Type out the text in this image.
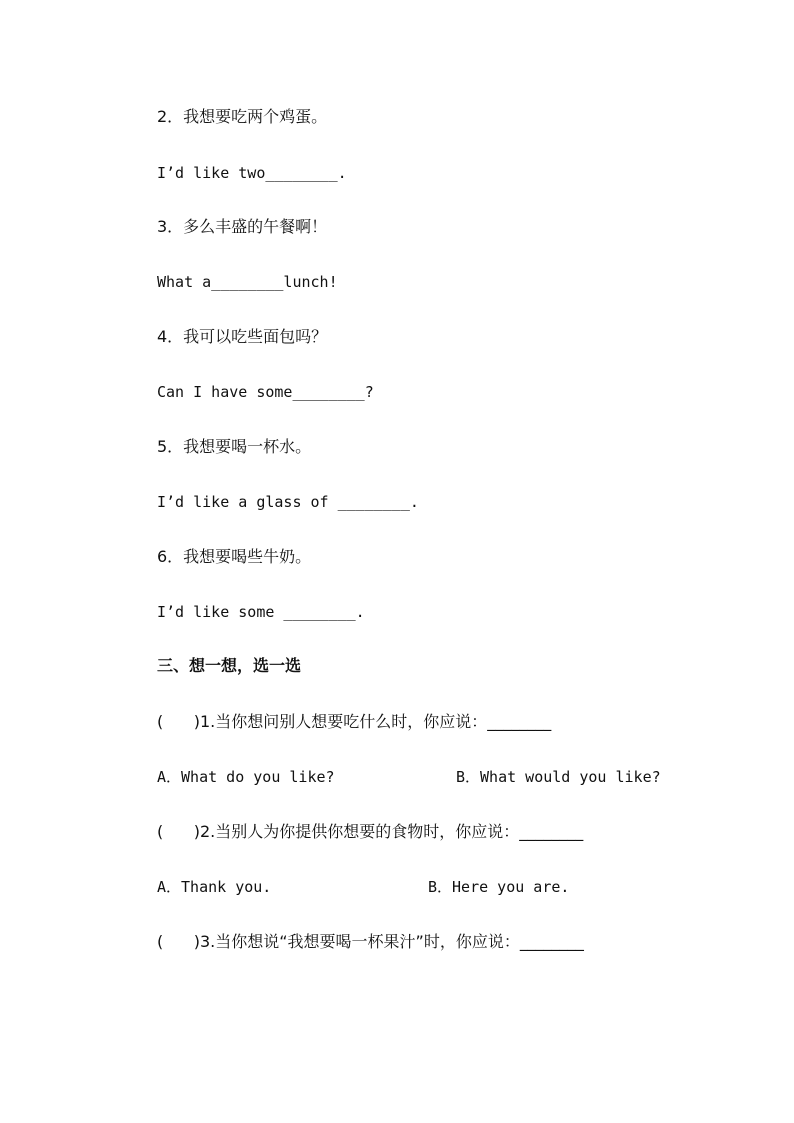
2．我想要吃两个鸡蛋。
I’d like two________.
3．多么丰盛的午餐啊！
What a________lunch!
4．我可以吃些面包吗？
Can I have some________?
5．我想要喝一杯水。
I’d like a glass of ________.
6．我想要喝些牛奶。
I’d like some ________.
三、想一想，选一选
(      )1.当你想问别人想要吃什么时，你应说：________
A．What do you like?	B．What would you like?
(      )2.当别人为你提供你想要的食物时，你应说：________
A．Thank you.	B．Here you are.
(      )3.当你想说“我想要喝一杯果汁”时，你应说：________
